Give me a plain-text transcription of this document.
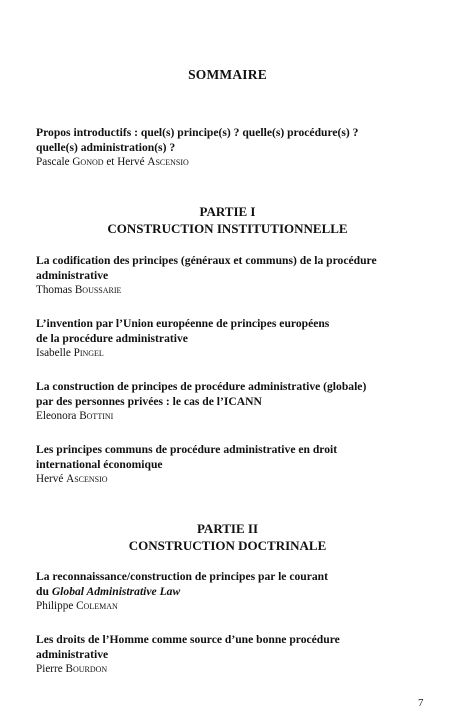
SOMMAIRE

Propos introductifs : quel(s) principe(s) ? quelle(s) procédure(s) ?

quelle(s) administration(s) ?

Pascale Gonod et Hervé Ascensio

PARTIE I
CONSTRUCTION INSTITUTIONNELLE

La codification des principes (généraux et communs) de la procédure

administrative

Thomas Boussarie

L’invention par l’Union européenne de principes européens

de la procédure administrative

Isabelle Pingel

La construction de principes de procédure administrative (globale)

par des personnes privées : le cas de l’ICANN

Eleonora Bottini

Les principes communs de procédure administrative en droit

international économique

Hervé Ascensio

PARTIE II
CONSTRUCTION DOCTRINALE

La reconnaissance/construction de principes par le courant

du Global Administrative Law

Philippe Coleman

Les droits de l’Homme comme source d’une bonne procédure

administrative

Pierre Bourdon

7
